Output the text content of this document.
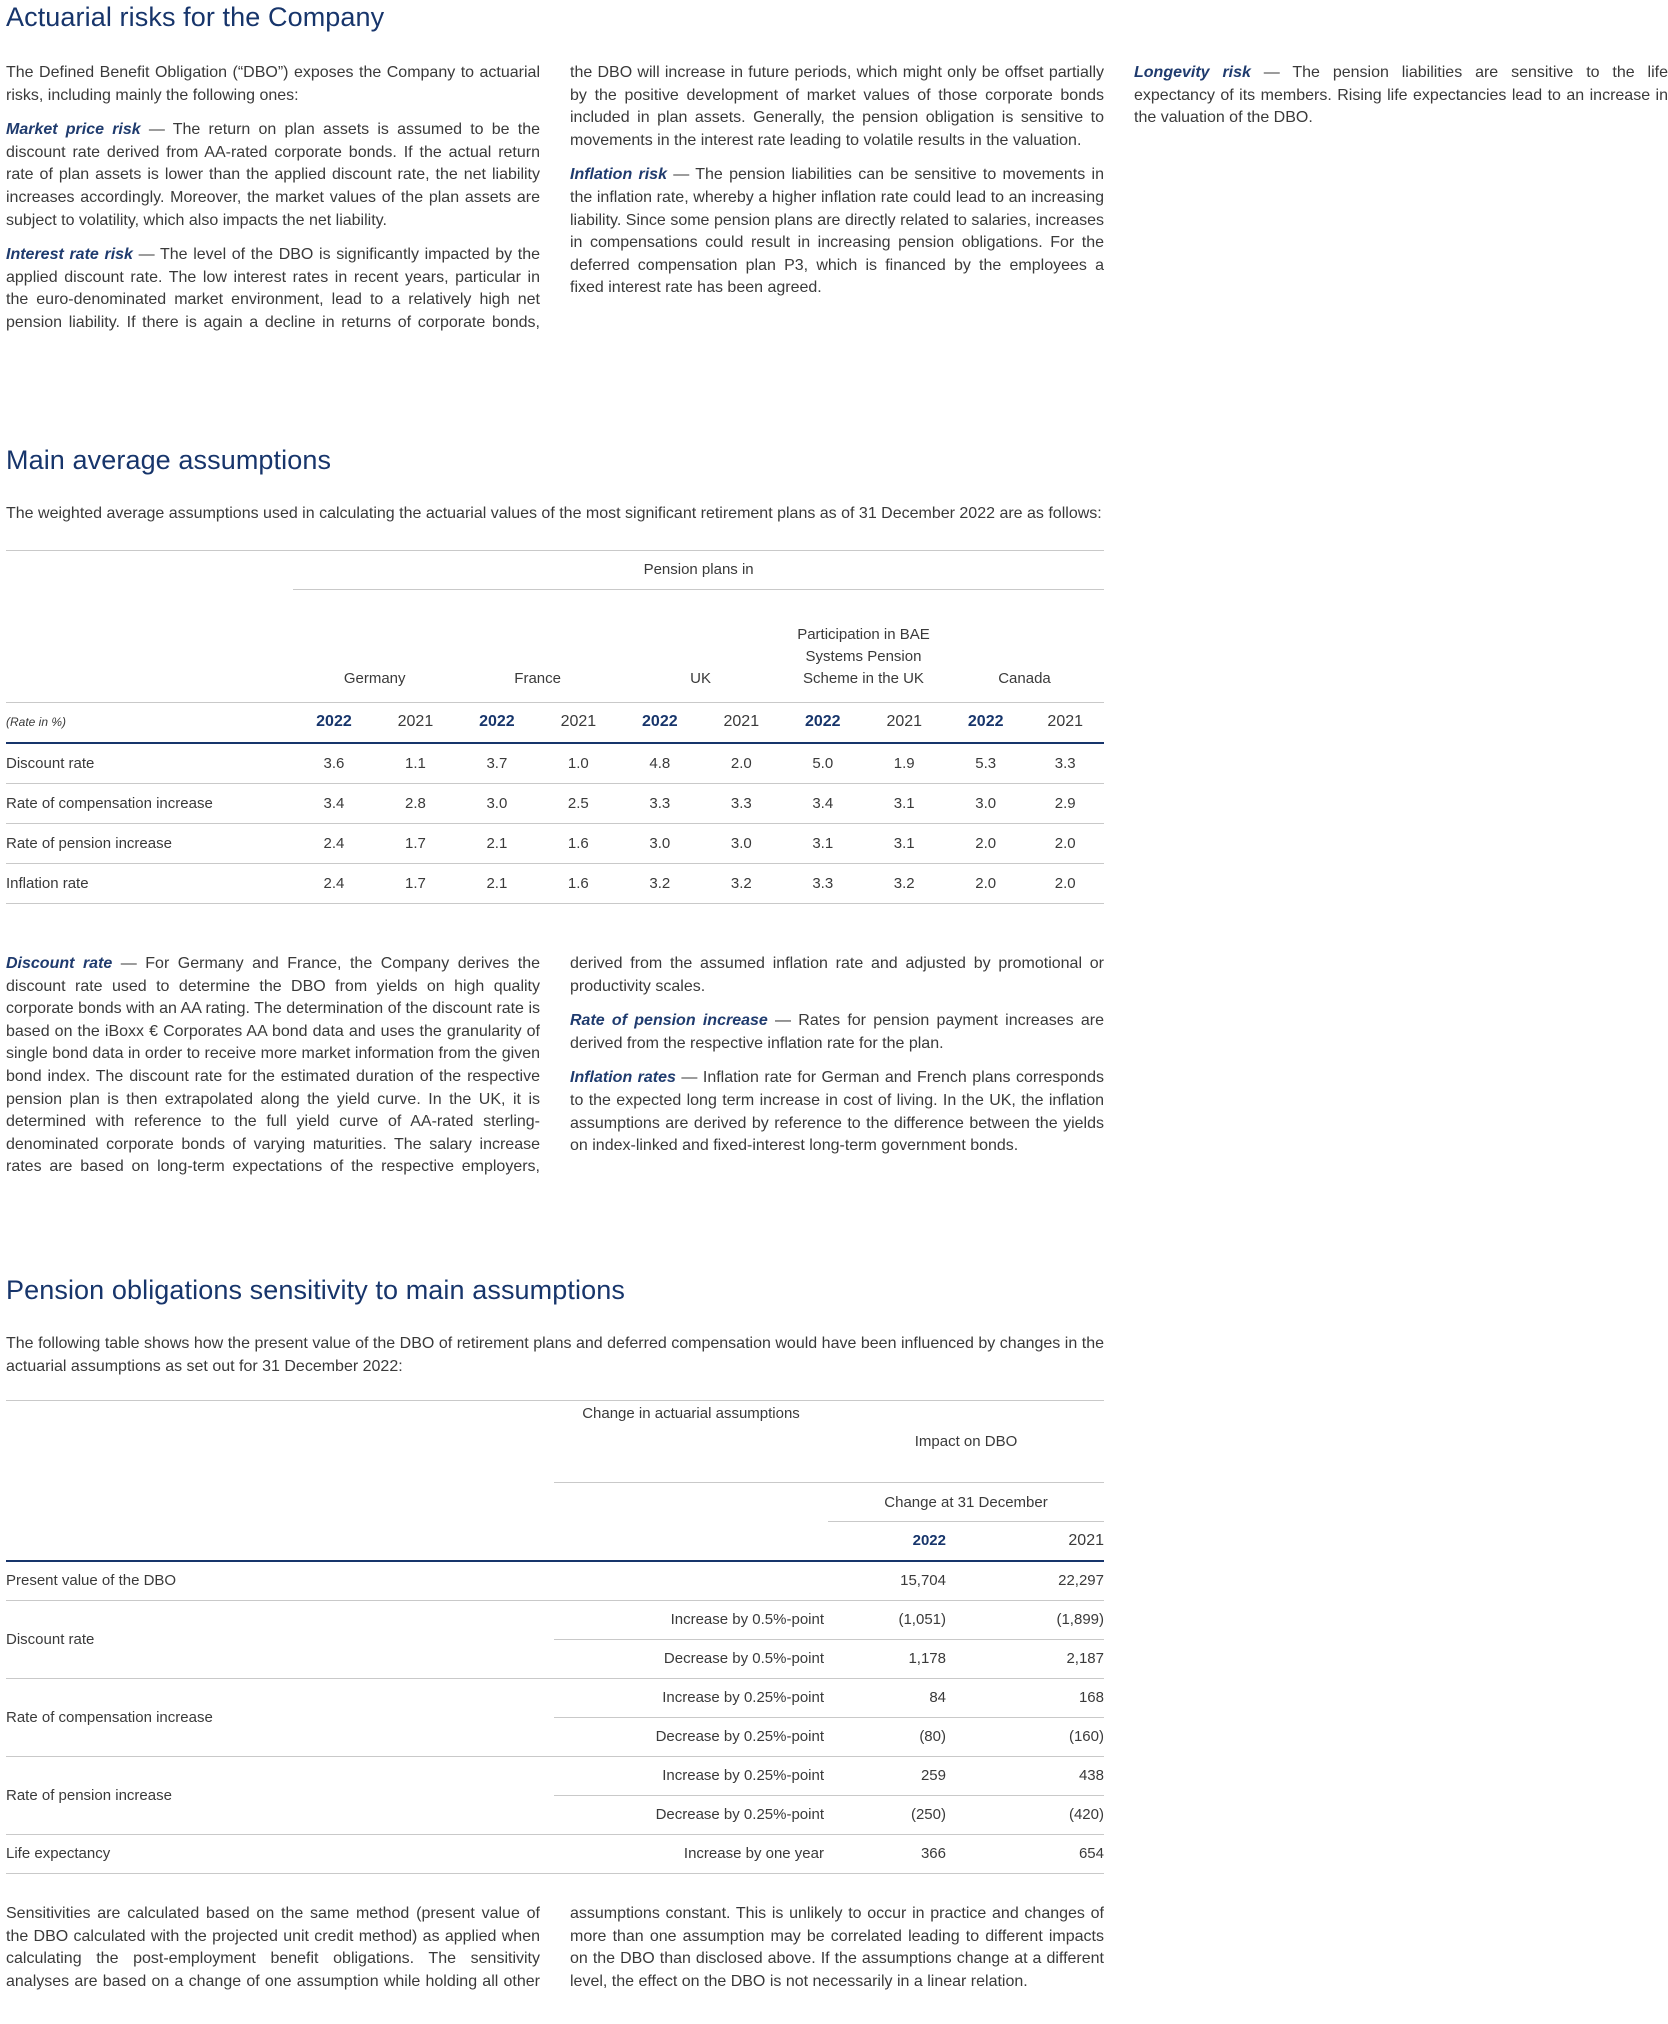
Actuarial risks for the Company

The Defined Benefit Obligation (“DBO”) exposes the Company to actuarial risks, including mainly the following ones:

Market price risk — The return on plan assets is assumed to be the discount rate derived from AA-rated corporate bonds. If the actual return rate of plan assets is lower than the applied discount rate, the net liability increases accordingly. Moreover, the market values of the plan assets are subject to volatility, which also impacts the net liability.

Interest rate risk — The level of the DBO is significantly impacted by the applied discount rate. The low interest rates in recent years, particular in the euro-denominated market environment, lead to a relatively high net pension liability. If there is again a decline in returns of corporate bonds, the DBO will increase in future periods, which might only be offset partially by the positive development of market values of those corporate bonds included in plan assets. Generally, the pension obligation is sensitive to movements in the interest rate leading to volatile results in the valuation.

Inflation risk — The pension liabilities can be sensitive to movements in the inflation rate, whereby a higher inflation rate could lead to an increasing liability. Since some pension plans are directly related to salaries, increases in compensations could result in increasing pension obligations. For the deferred compensation plan P3, which is financed by the employees a fixed interest rate has been agreed.

Longevity risk — The pension liabilities are sensitive to the life expectancy of its members. Rising life expectancies lead to an increase in the valuation of the DBO.

Main average assumptions

The weighted average assumptions used in calculating the actuarial values of the most significant retirement plans as of 31 December 2022 are as follows:

	Pension plans in									
	Germany		France		UK		Participation in BAE Systems Pension Scheme in the UK		Canada	
(Rate in %)	2022	2021	2022	2021	2022	2021	2022	2021	2022	2021
Discount rate	3.6	1.1	3.7	1.0	4.8	2.0	5.0	1.9	5.3	3.3
Rate of compensation increase	3.4	2.8	3.0	2.5	3.3	3.3	3.4	3.1	3.0	2.9
Rate of pension increase	2.4	1.7	2.1	1.6	3.0	3.0	3.1	3.1	2.0	2.0
Inflation rate	2.4	1.7	2.1	1.6	3.2	3.2	3.3	3.2	2.0	2.0

Discount rate — For Germany and France, the Company derives the discount rate used to determine the DBO from yields on high quality corporate bonds with an AA rating. The determination of the discount rate is based on the iBoxx € Corporates AA bond data and uses the granularity of single bond data in order to receive more market information from the given bond index. The discount rate for the estimated duration of the respective pension plan is then extrapolated along the yield curve. In the UK, it is determined with reference to the full yield curve of AA-rated sterling-denominated corporate bonds of varying maturities. The salary increase rates are based on long-term expectations of the respective employers, derived from the assumed inflation rate and adjusted by promotional or productivity scales.

Rate of pension increase — Rates for pension payment increases are derived from the respective inflation rate for the plan.

Inflation rates — Inflation rate for German and French plans corresponds to the expected long term increase in cost of living. In the UK, the inflation assumptions are derived by reference to the difference between the yields on index-linked and fixed-interest long-term government bonds.

Pension obligations sensitivity to main assumptions

The following table shows how the present value of the DBO of retirement plans and deferred compensation would have been influenced by changes in the actuarial assumptions as set out for 31 December 2022:

	Change in actuarial assumptions	Impact on DBO	
		Change at 31 December	
		2022	2021
Present value of the DBO		15,704	22,297
Discount rate	Increase by 0.5%-point	(1,051)	(1,899)
	Decrease by 0.5%-point	1,178	2,187
Rate of compensation increase	Increase by 0.25%-point	84	168
	Decrease by 0.25%-point	(80)	(160)
Rate of pension increase	Increase by 0.25%-point	259	438
	Decrease by 0.25%-point	(250)	(420)
Life expectancy	Increase by one year	366	654

Sensitivities are calculated based on the same method (present value of the DBO calculated with the projected unit credit method) as applied when calculating the post-employment benefit obligations. The sensitivity analyses are based on a change of one assumption while holding all other assumptions constant. This is unlikely to occur in practice and changes of more than one assumption may be correlated leading to different impacts on the DBO than disclosed above. If the assumptions change at a different level, the effect on the DBO is not necessarily in a linear relation.
